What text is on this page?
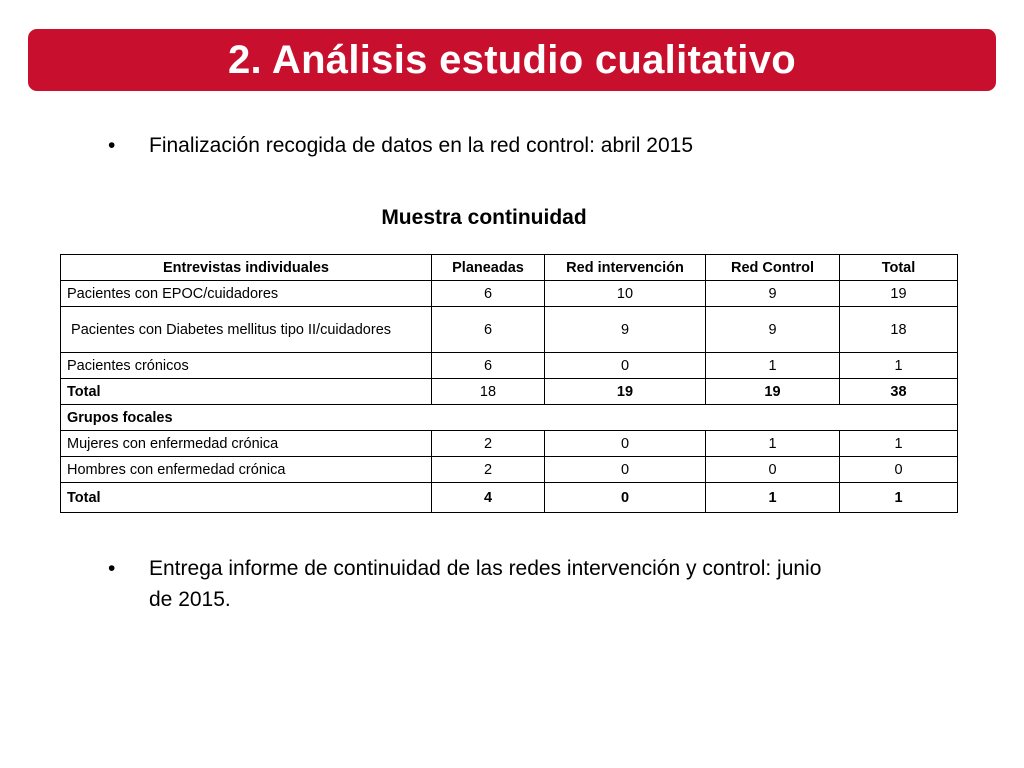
2. Análisis estudio cualitativo
•	Finalización recogida de datos en la red control: abril 2015
Muestra continuidad
Entrevistas individuales	Planeadas	Red intervención	Red Control	Total
Pacientes con EPOC/cuidadores	6	10	9	19
Pacientes con Diabetes mellitus tipo II/cuidadores	6	9	9	18
Pacientes crónicos	6	0	1	1
Total	18	19	19	38
Grupos focales				
Mujeres con enfermedad crónica	2	0	1	1
Hombres con enfermedad crónica	2	0	0	0
Total	4	0	1	1
•	Entrega informe de continuidad de las redes intervención y control: junio de 2015.
